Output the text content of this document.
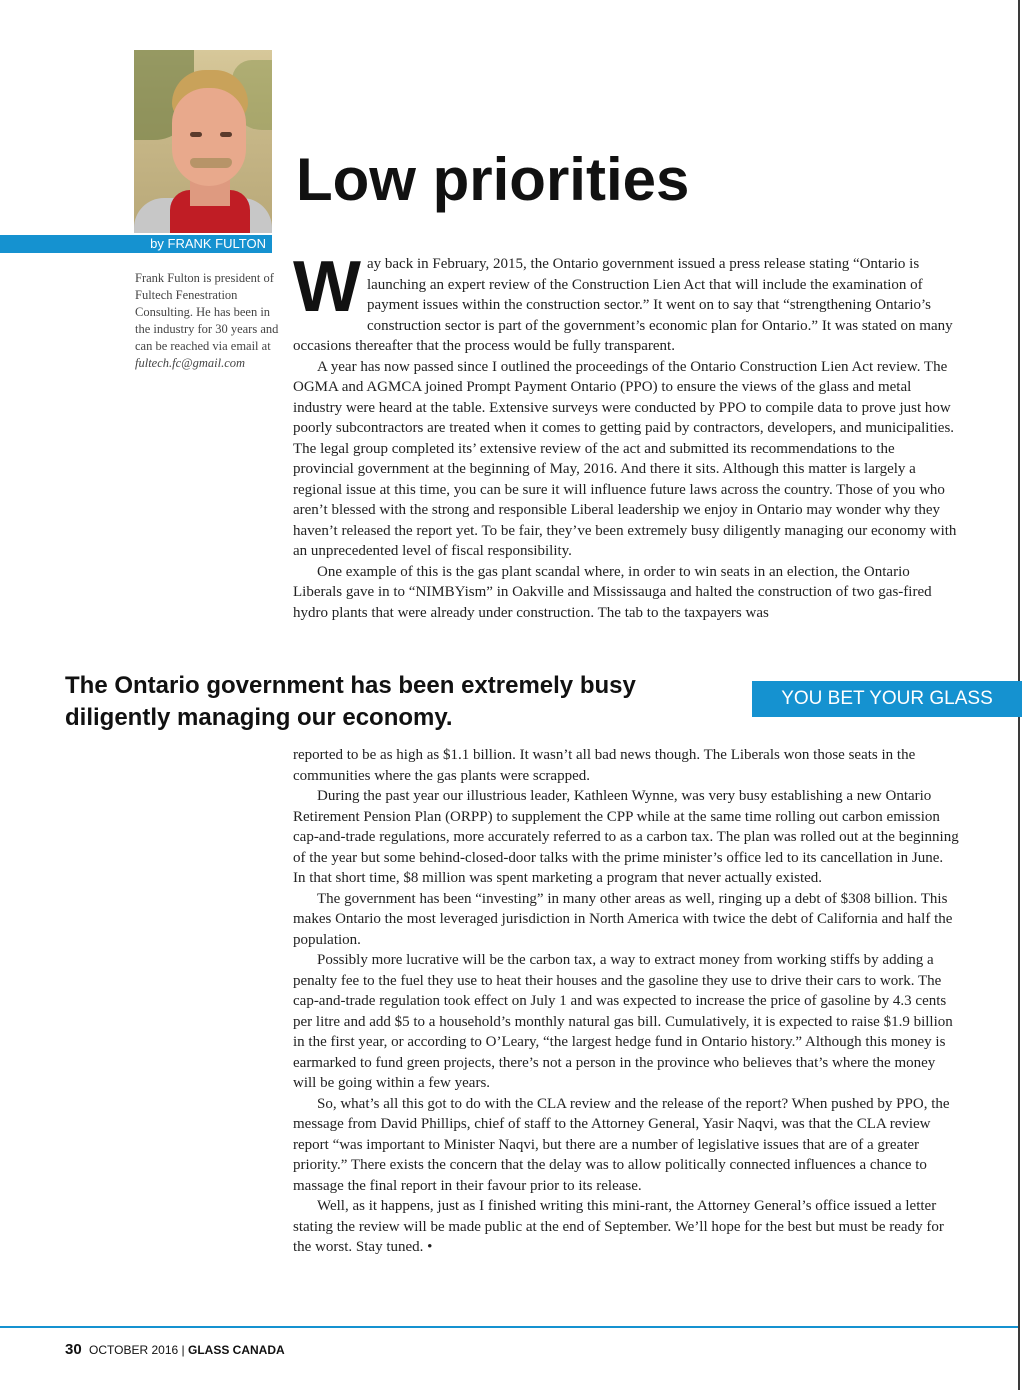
by FRANK FULTON
Frank Fulton is president of Fultech Fenestration Consulting. He has been in the industry for 30 years and can be reached via email at fultech.fc@gmail.com
Low priorities

Way back in February, 2015, the Ontario government issued a press release stating “Ontario is launching an expert review of the Construction Lien Act that will include the examination of payment issues within the construction sector.” It went on to say that “strengthening Ontario’s construction sector is part of the government’s economic plan for Ontario.” It was stated on many occasions thereafter that the process would be fully transparent.

A year has now passed since I outlined the proceedings of the Ontario Construction Lien Act review. The OGMA and AGMCA joined Prompt Payment Ontario (PPO) to ensure the views of the glass and metal industry were heard at the table. Extensive surveys were conducted by PPO to compile data to prove just how poorly subcontractors are treated when it comes to getting paid by contractors, developers, and municipalities. The legal group completed its’ extensive review of the act and submitted its recommendations to the provincial government at the beginning of May, 2016. And there it sits. Although this matter is largely a regional issue at this time, you can be sure it will influence future laws across the country. Those of you who aren’t blessed with the strong and responsible Liberal leadership we enjoy in Ontario may wonder why they haven’t released the report yet. To be fair, they’ve been extremely busy diligently managing our economy with an unprecedented level of fiscal responsibility.

One example of this is the gas plant scandal where, in order to win seats in an election, the Ontario Liberals gave in to “NIMBYism” in Oakville and Mississauga and halted the construction of two gas-fired hydro plants that were already under construction. The tab to the taxpayers was

The Ontario government has been extremely busy diligently managing our economy.
YOU BET YOUR GLASS

reported to be as high as $1.1 billion. It wasn’t all bad news though. The Liberals won those seats in the communities where the gas plants were scrapped.

During the past year our illustrious leader, Kathleen Wynne, was very busy establishing a new Ontario Retirement Pension Plan (ORPP) to supplement the CPP while at the same time rolling out carbon emission cap-and-trade regulations, more accurately referred to as a carbon tax. The plan was rolled out at the beginning of the year but some behind-closed-door talks with the prime minister’s office led to its cancellation in June. In that short time, $8 million was spent marketing a program that never actually existed.

The government has been “investing” in many other areas as well, ringing up a debt of $308 billion. This makes Ontario the most leveraged jurisdiction in North America with twice the debt of California and half the population.

Possibly more lucrative will be the carbon tax, a way to extract money from working stiffs by adding a penalty fee to the fuel they use to heat their houses and the gasoline they use to drive their cars to work. The cap-and-trade regulation took effect on July 1 and was expected to increase the price of gasoline by 4.3 cents per litre and add $5 to a household’s monthly natural gas bill. Cumulatively, it is expected to raise $1.9 billion in the first year, or according to O’Leary, “the largest hedge fund in Ontario history.” Although this money is earmarked to fund green projects, there’s not a person in the province who believes that’s where the money will be going within a few years.

So, what’s all this got to do with the CLA review and the release of the report? When pushed by PPO, the message from David Phillips, chief of staff to the Attorney General, Yasir Naqvi, was that the CLA review report “was important to Minister Naqvi, but there are a number of legislative issues that are of a greater priority.” There exists the concern that the delay was to allow politically connected influences a chance to massage the final report in their favour prior to its release.

Well, as it happens, just as I finished writing this mini-rant, the Attorney General’s office issued a letter stating the review will be made public at the end of September. We’ll hope for the best but must be ready for the worst. Stay tuned. •

30 OCTOBER 2016 | GLASS CANADA
